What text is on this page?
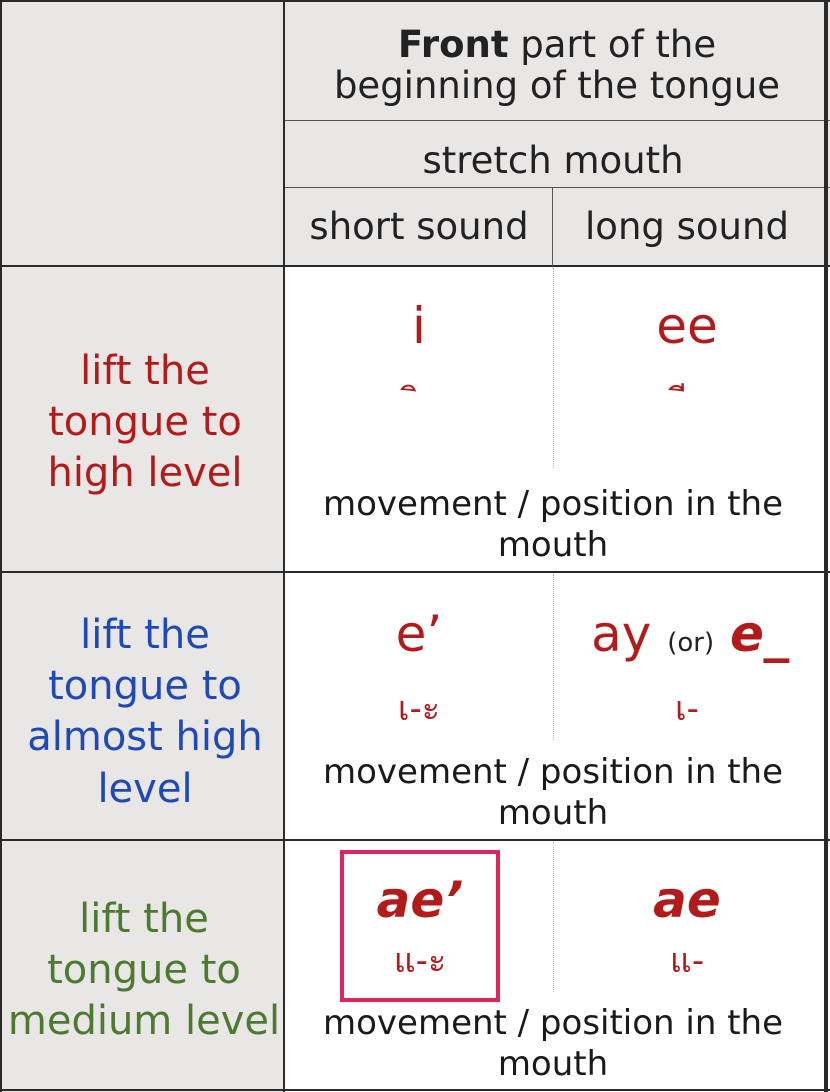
Front part of the beginning of the tongue
stretch mouth
short sound	long sound
lift the tongue to high level
i	ee
movement / position in the mouth
lift the tongue to almost high level
e’
เ-ะ
ay (or) e_
เ-
movement / position in the mouth
lift the tongue to medium level
ae’
แ-ะ
ae
แ-
movement / position in the mouth
